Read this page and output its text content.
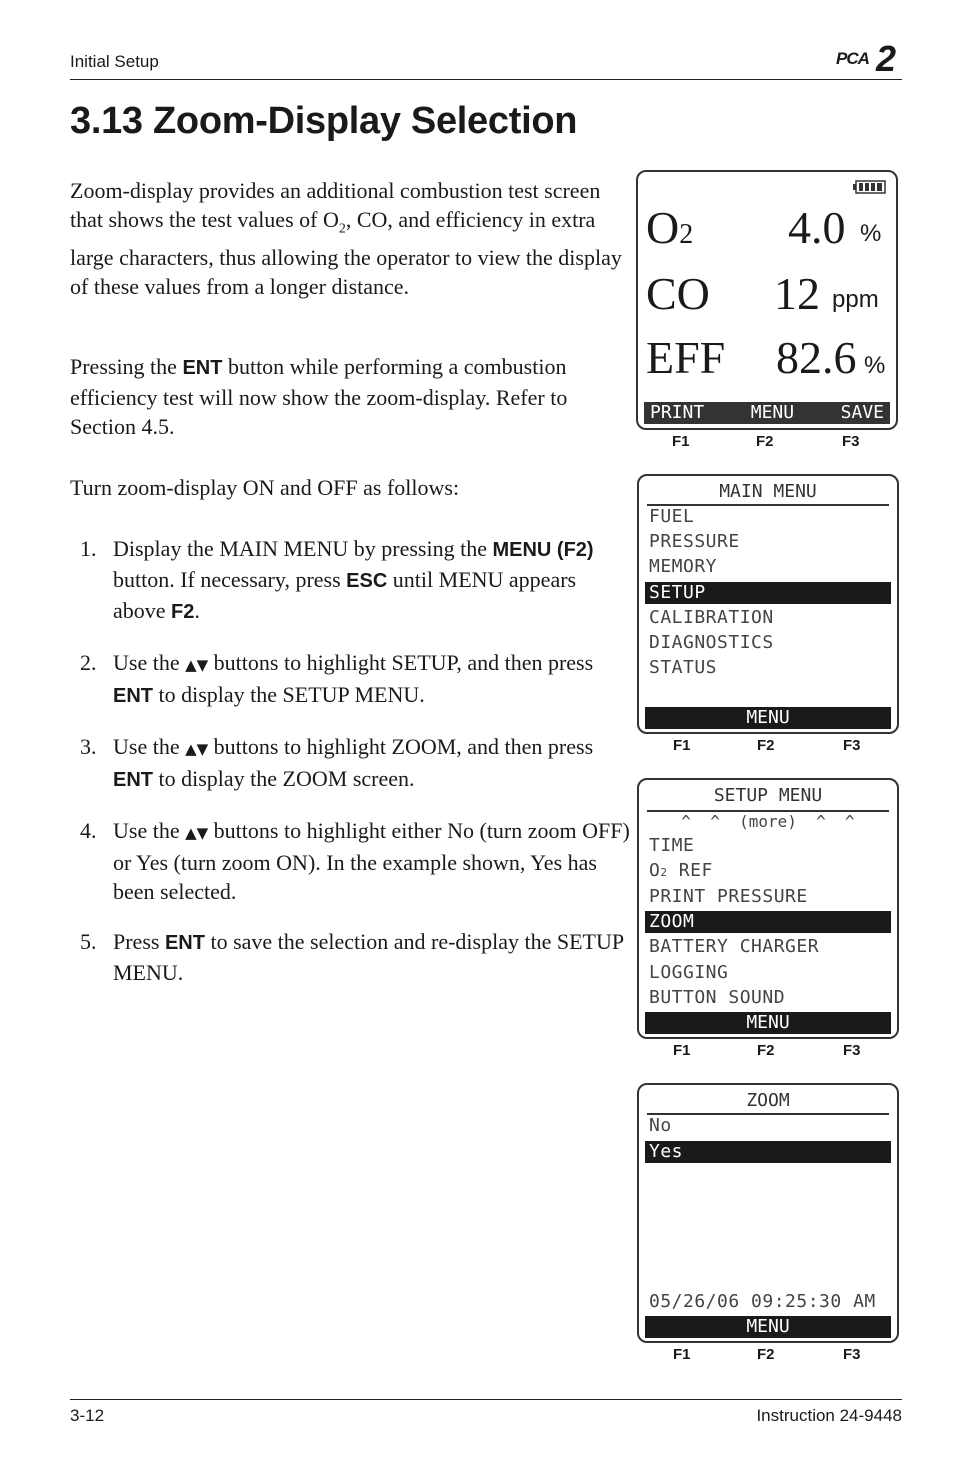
Initial Setup	PCA 2
3.13 Zoom-Display Selection
Zoom-display provides an additional combustion test screen that shows the test values of $O_2$, CO, and efficiency in extra large characters, thus allowing the operator to view the display of these values from a longer distance.
Pressing the ENT button while performing a combustion efficiency test will now show the zoom-display. Refer to Section 4.5.
Turn zoom-display ON and OFF as follows:
1. Display the MAIN MENU by pressing the MENU (F2) button. If necessary, press ESC until MENU appears above F2.
2. Use the ▲▼ buttons to highlight SETUP, and then press ENT to display the SETUP MENU.
3. Use the ▲▼ buttons to highlight ZOOM, and then press ENT to display the ZOOM screen.
4. Use the ▲▼ buttons to highlight either No (turn zoom OFF) or Yes (turn zoom ON). In the example shown, Yes has been selected.
5. Press ENT to save the selection and re-display the SETUP MENU.
O2 4.0 %
CO 12 ppm
EFF 82.6 %
PRINT	MENU	SAVE
F1	F2	F3
MAIN MENU
FUEL
PRESSURE
MEMORY
SETUP
CALIBRATION
DIAGNOSTICS
STATUS
MENU
F1	F2	F3
SETUP MENU
^  ^  (more)  ^  ^
TIME
O2 REF
PRINT PRESSURE
ZOOM
BATTERY CHARGER
LOGGING
BUTTON SOUND
MENU
F1	F2	F3
ZOOM
No
Yes
05/26/06 09:25:30 AM
MENU
F1	F2	F3
3-12	Instruction 24-9448
